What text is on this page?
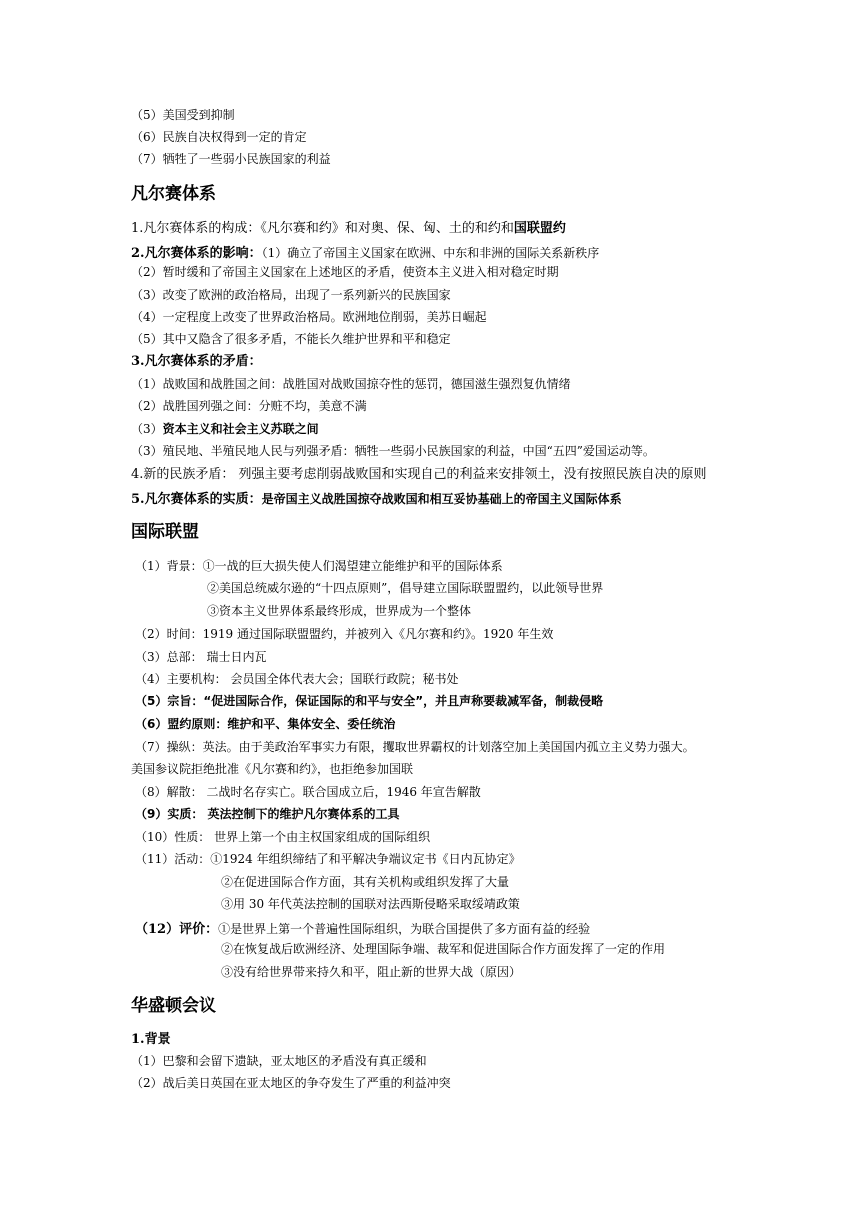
（5）美国受到抑制
（6）民族自决权得到一定的肯定
（7）牺牲了一些弱小民族国家的利益
凡尔赛体系
1.凡尔赛体系的构成：《凡尔赛和约》和对奥、保、匈、土的和约和国联盟约
2.凡尔赛体系的影响：（1）确立了帝国主义国家在欧洲、中东和非洲的国际关系新秩序
（2）暂时缓和了帝国主义国家在上述地区的矛盾，使资本主义进入相对稳定时期
（3）改变了欧洲的政治格局，出现了一系列新兴的民族国家
（4）一定程度上改变了世界政治格局。欧洲地位削弱，美苏日崛起
（5）其中又隐含了很多矛盾，不能长久维护世界和平和稳定
3.凡尔赛体系的矛盾：
（1）战败国和战胜国之间：战胜国对战败国掠夺性的惩罚，德国滋生强烈复仇情绪
（2）战胜国列强之间：分赃不均，美意不满
（3）资本主义和社会主义苏联之间
（3）殖民地、半殖民地人民与列强矛盾：牺牲一些弱小民族国家的利益，中国“五四”爱国运动等。
4.新的民族矛盾： 列强主要考虑削弱战败国和实现自己的利益来安排领土，没有按照民族自决的原则
5.凡尔赛体系的实质：是帝国主义战胜国掠夺战败国和相互妥协基础上的帝国主义国际体系
国际联盟
（1）背景：①一战的巨大损失使人们渴望建立能维护和平的国际体系
②美国总统威尔逊的“十四点原则”，倡导建立国际联盟盟约，以此领导世界
③资本主义世界体系最终形成，世界成为一个整体
（2）时间：1919 通过国际联盟盟约，并被列入《凡尔赛和约》。1920 年生效
（3）总部： 瑞士日内瓦
（4）主要机构： 会员国全体代表大会；国联行政院；秘书处
（5）宗旨：“促进国际合作，保证国际的和平与安全”，并且声称要裁减军备，制裁侵略
（6）盟约原则：维护和平、集体安全、委任统治
（7）操纵：英法。由于美政治军事实力有限，攫取世界霸权的计划落空加上美国国内孤立主义势力强大。
美国参议院拒绝批准《凡尔赛和约》，也拒绝参加国联
（8）解散： 二战时名存实亡。联合国成立后，1946 年宣告解散
（9）实质： 英法控制下的维护凡尔赛体系的工具
（10）性质： 世界上第一个由主权国家组成的国际组织
（11）活动：①1924 年组织缔结了和平解决争端议定书《日内瓦协定》
②在促进国际合作方面，其有关机构或组织发挥了大量
③用 30 年代英法控制的国联对法西斯侵略采取绥靖政策
（12）评价：①是世界上第一个普遍性国际组织，为联合国提供了多方面有益的经验
②在恢复战后欧洲经济、处理国际争端、裁军和促进国际合作方面发挥了一定的作用
③没有给世界带来持久和平，阻止新的世界大战（原因）
华盛顿会议
1.背景
（1）巴黎和会留下遗缺，亚太地区的矛盾没有真正缓和
（2）战后美日英国在亚太地区的争夺发生了严重的利益冲突
